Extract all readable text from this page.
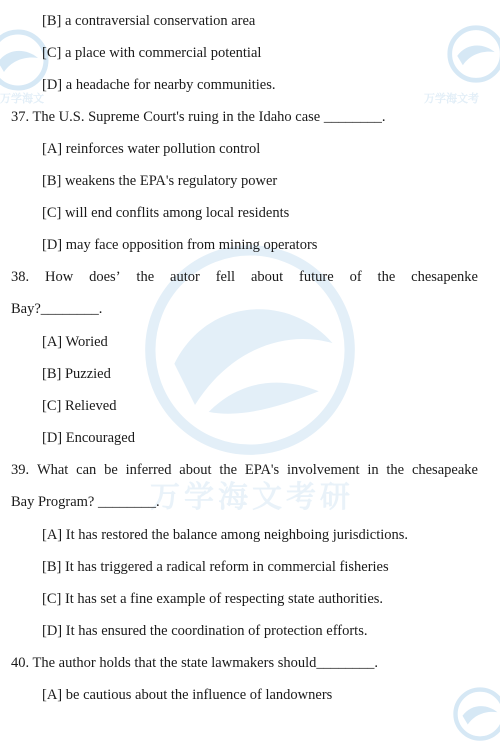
万学海文	万学海文考
万学海文考研
[B] a contraversial conservation area
[C] a place with commercial potential
[D] a headache for nearby communities.
37. The U.S. Supreme Court's ruing in the Idaho case ________.
[A] reinforces water pollution control
[B] weakens the EPA's regulatory power
[C] will end conflits among local residents
[D] may face opposition from mining operators
38. How does’ the autor fell about future of the chesapenke
Bay?________.
[A] Woried
[B] Puzzied
[C] Relieved
[D] Encouraged
39. What can be inferred about the EPA's involvement in the chesapeake
Bay Program? ________.
[A] It has restored the balance among neighboing jurisdictions.
[B] It has triggered a radical reform in commercial fisheries
[C] It has set a fine example of respecting state authorities.
[D] It has ensured the coordination of protection efforts.
40. The author holds that the state lawmakers should________.
[A] be cautious about the influence of landowners
